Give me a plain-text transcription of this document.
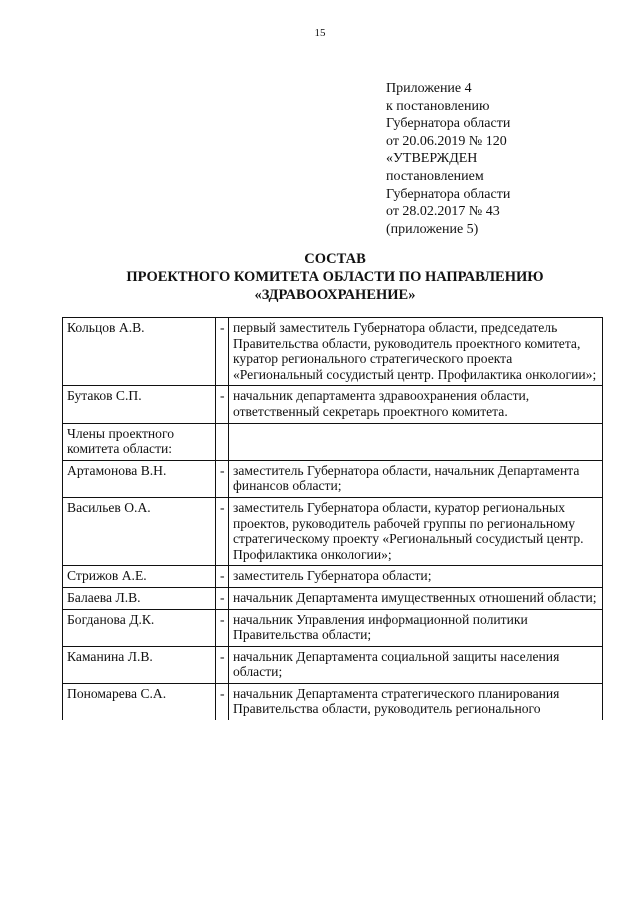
15
Приложение 4
к постановлению
Губернатора области
от 20.06.2019 № 120
«УТВЕРЖДЕН
постановлением
Губернатора области
от 28.02.2017 № 43
(приложение 5)
СОСТАВ
ПРОЕКТНОГО КОМИТЕТА ОБЛАСТИ ПО НАПРАВЛЕНИЮ
«ЗДРАВООХРАНЕНИЕ»
Кольцов А.В.	-	первый заместитель Губернатора области, председатель Правительства области, руководитель проектного комитета, куратор регионального стратегического проекта «Региональный сосудистый центр. Профилактика онкологии»;
Бутаков С.П.	-	начальник департамента здравоохранения области, ответственный секретарь проектного комитета.
Члены проектного комитета области:		
Артамонова В.Н.	-	заместитель Губернатора области, начальник Департамента финансов области;
Васильев О.А.	-	заместитель Губернатора области, куратор региональных проектов, руководитель рабочей группы по региональному стратегическому проекту «Региональный сосудистый центр. Профилактика онкологии»;
Стрижов А.Е.	-	заместитель Губернатора области;
Балаева Л.В.	-	начальник Департамента имущественных отношений области;
Богданова Д.К.	-	начальник Управления информационной политики Правительства области;
Каманина Л.В.	-	начальник Департамента социальной защиты населения области;
Пономарева С.А.	-	начальник Департамента стратегического планирования Правительства области, руководитель регионального
